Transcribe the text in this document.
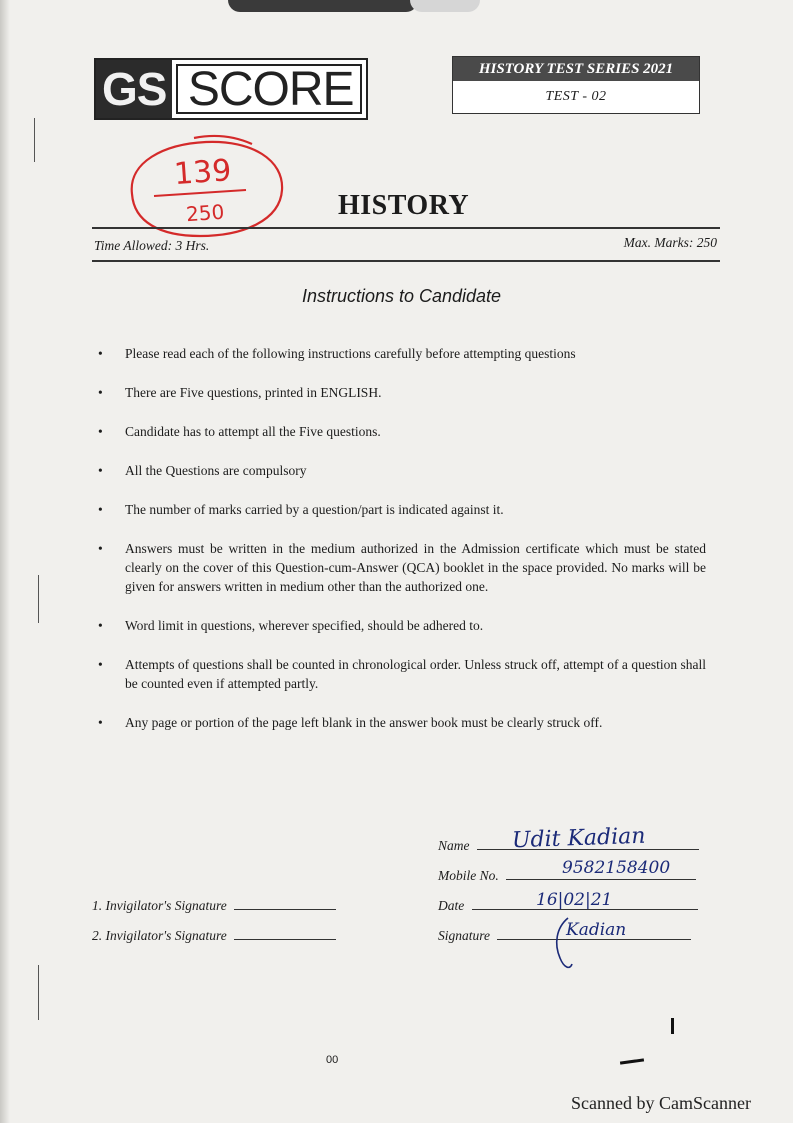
GS SCORE	HISTORY TEST SERIES 2021
TEST - 02
139
250	HISTORY
Time Allowed: 3 Hrs.	Max. Marks: 250
Instructions to Candidate
• Please read each of the following instructions carefully before attempting questions
• There are Five questions, printed in ENGLISH.
• Candidate has to attempt all the Five questions.
• All the Questions are compulsory
• The number of marks carried by a question/part is indicated against it.
• Answers must be written in the medium authorized in the Admission certificate which must be stated clearly on the cover of this Question-cum-Answer (QCA) booklet in the space provided. No marks will be given for answers written in medium other than the authorized one.
• Word limit in questions, wherever specified, should be adhered to.
• Attempts of questions shall be counted in chronological order. Unless struck off, attempt of a question shall be counted even if attempted partly.
• Any page or portion of the page left blank in the answer book must be clearly struck off.
1. Invigilator's Signature
2. Invigilator's Signature
Name	Udit Kadian
Mobile No.	9582158400
Date	16|02|21
Signature	Kadian
00
Scanned by CamScanner
